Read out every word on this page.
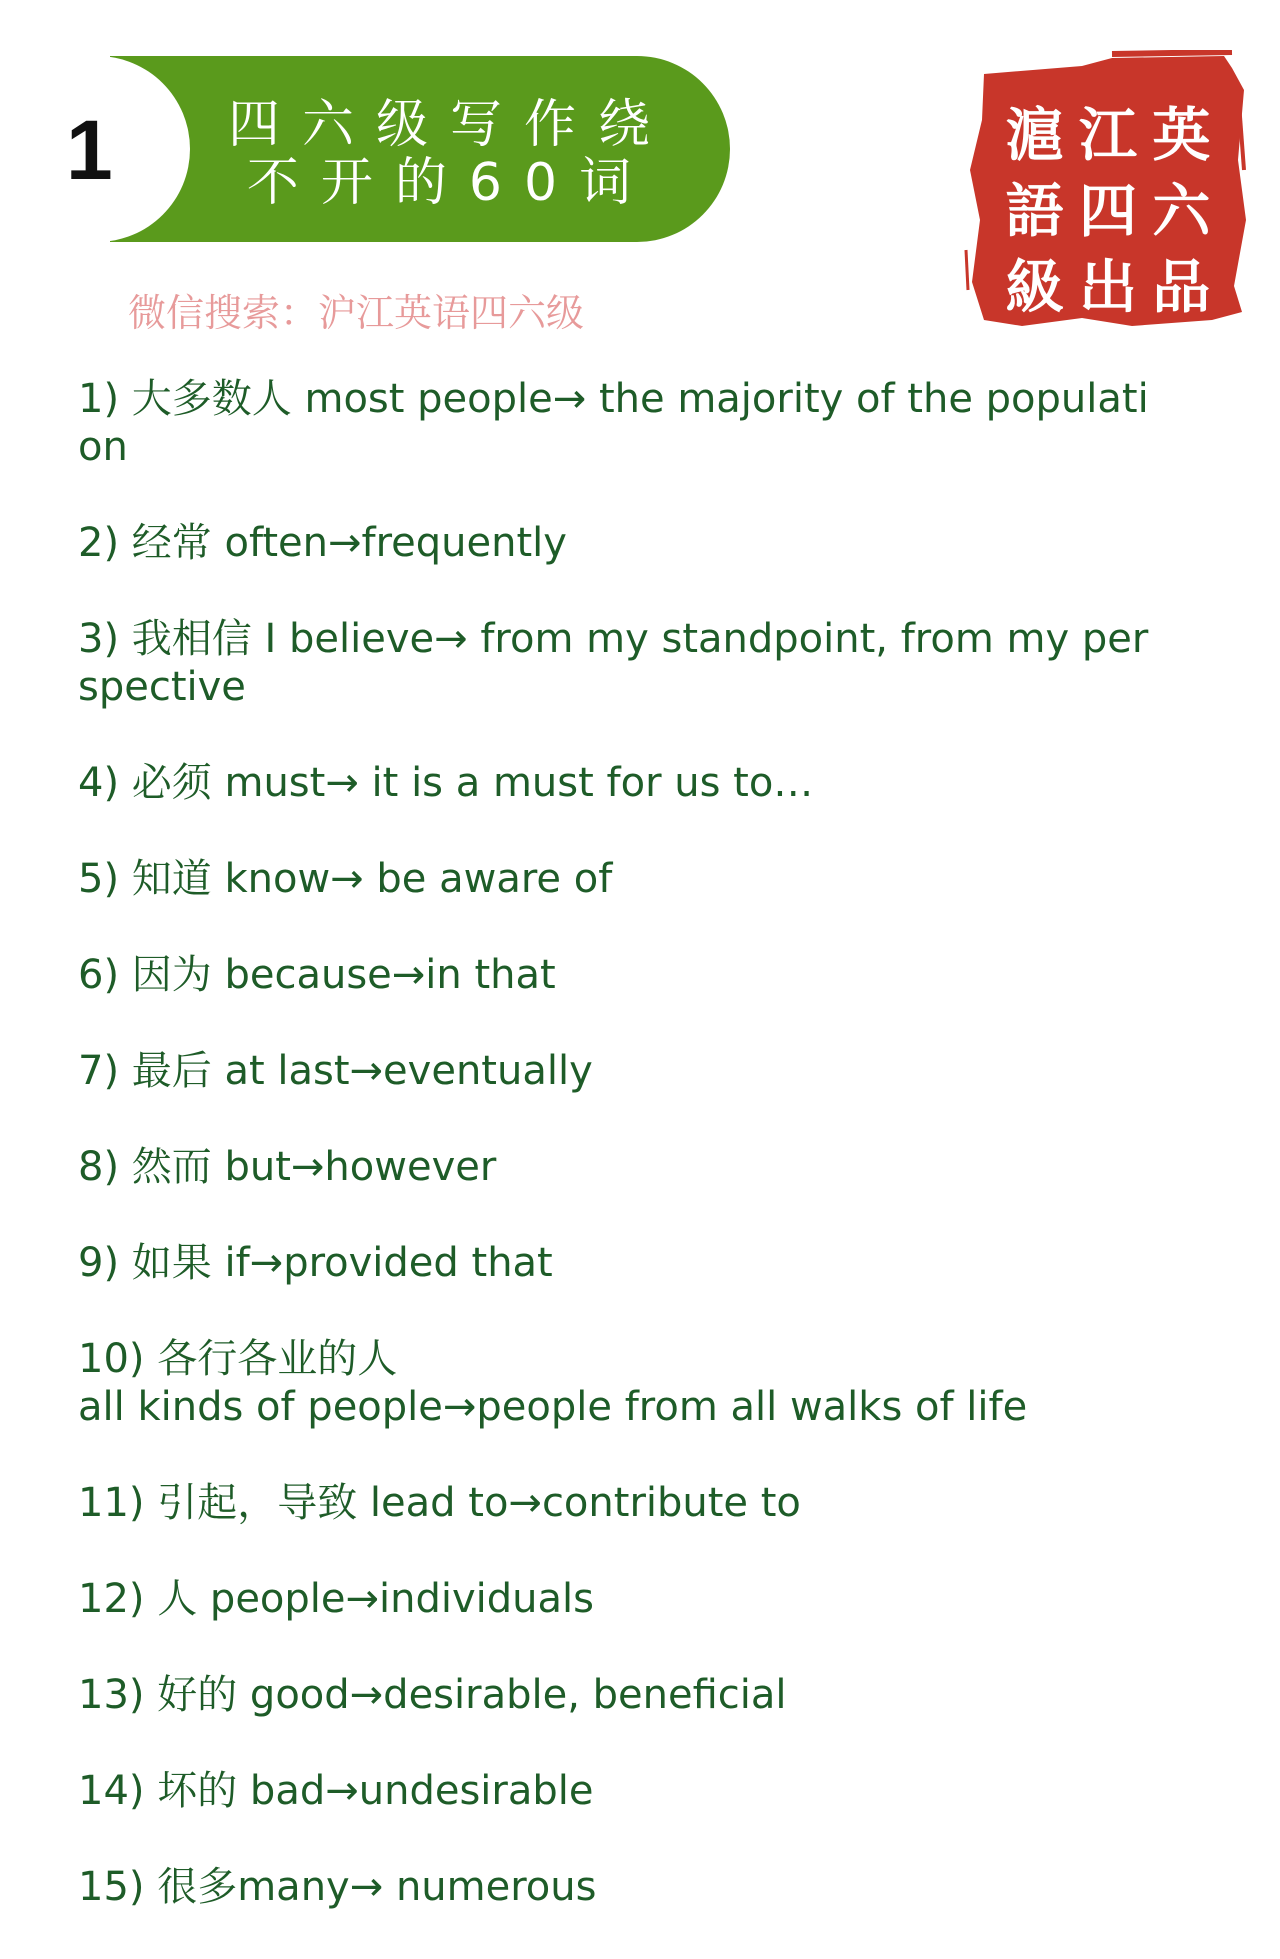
1	四六级写作绕
不开的60词
微信搜索：沪江英语四六级
滬 江 英
語 四 六
級 出 品
1) 大多数人 most people→ the majority of the population
2) 经常 often→frequently
3) 我相信 I believe→ from my standpoint, from my perspective
4) 必须 must→ it is a must for us to…
5) 知道 know→ be aware of
6) 因为 because→in that
7) 最后 at last→eventually
8) 然而 but→however
9) 如果 if→provided that
10) 各行各业的人
all kinds of people→people from all walks of life
11) 引起，导致 lead to→contribute to
12) 人 people→individuals
13) 好的 good→desirable, beneficial
14) 坏的 bad→undesirable
15) 很多many→ numerous
